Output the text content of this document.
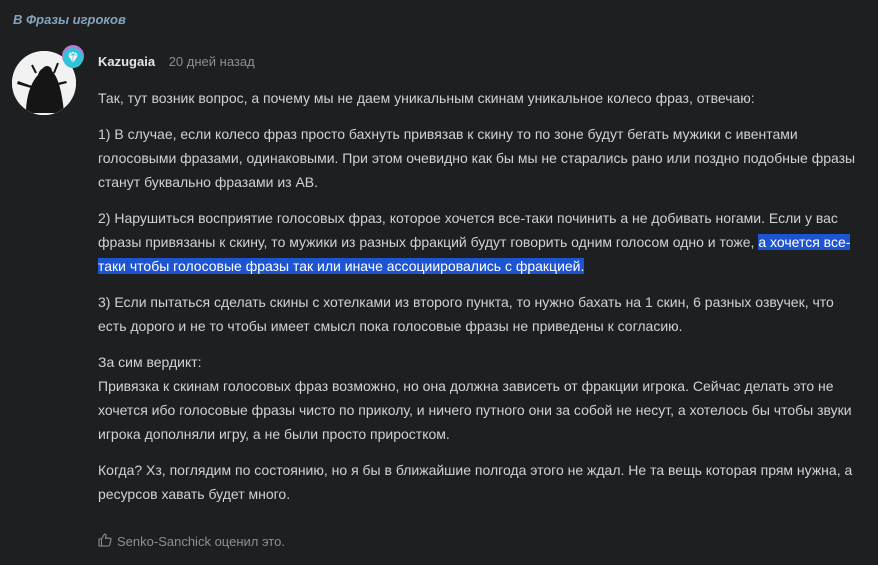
В Фразы игроков
Kazugaia 20 дней назад

Так, тут возник вопрос, а почему мы не даем уникальным скинам уникальное колесо фраз, отвечаю:

1) В случае, если колесо фраз просто бахнуть привязав к скину то по зоне будут бегать мужики с ивентами голосовыми фразами, одинаковыми. При этом очевидно как бы мы не старались рано или поздно подобные фразы станут буквально фразами из АВ.

2) Нарушиться восприятие голосовых фраз, которое хочется все-таки починить а не добивать ногами. Если у вас фразы привязаны к скину, то мужики из разных фракций будут говорить одним голосом одно и тоже, а хочется все-таки чтобы голосовые фразы так или иначе ассоциировались с фракцией.

3) Если пытаться сделать скины с хотелками из второго пункта, то нужно бахать на 1 скин, 6 разных озвучек, что есть дорого и не то чтобы имеет смысл пока голосовые фразы не приведены к согласию.

За сим вердикт:
Привязка к скинам голосовых фраз возможно, но она должна зависеть от фракции игрока. Сейчас делать это не хочется ибо голосовые фразы чисто по приколу, и ничего путного они за собой не несут, а хотелось бы чтобы звуки игрока дополняли игру, а не были просто приростком.

Когда? Хз, поглядим по состоянию, но я бы в ближайшие полгода этого не ждал. Не та вещь которая прям нужна, а ресурсов хавать будет много.

Senko-Sanchick оценил это.
